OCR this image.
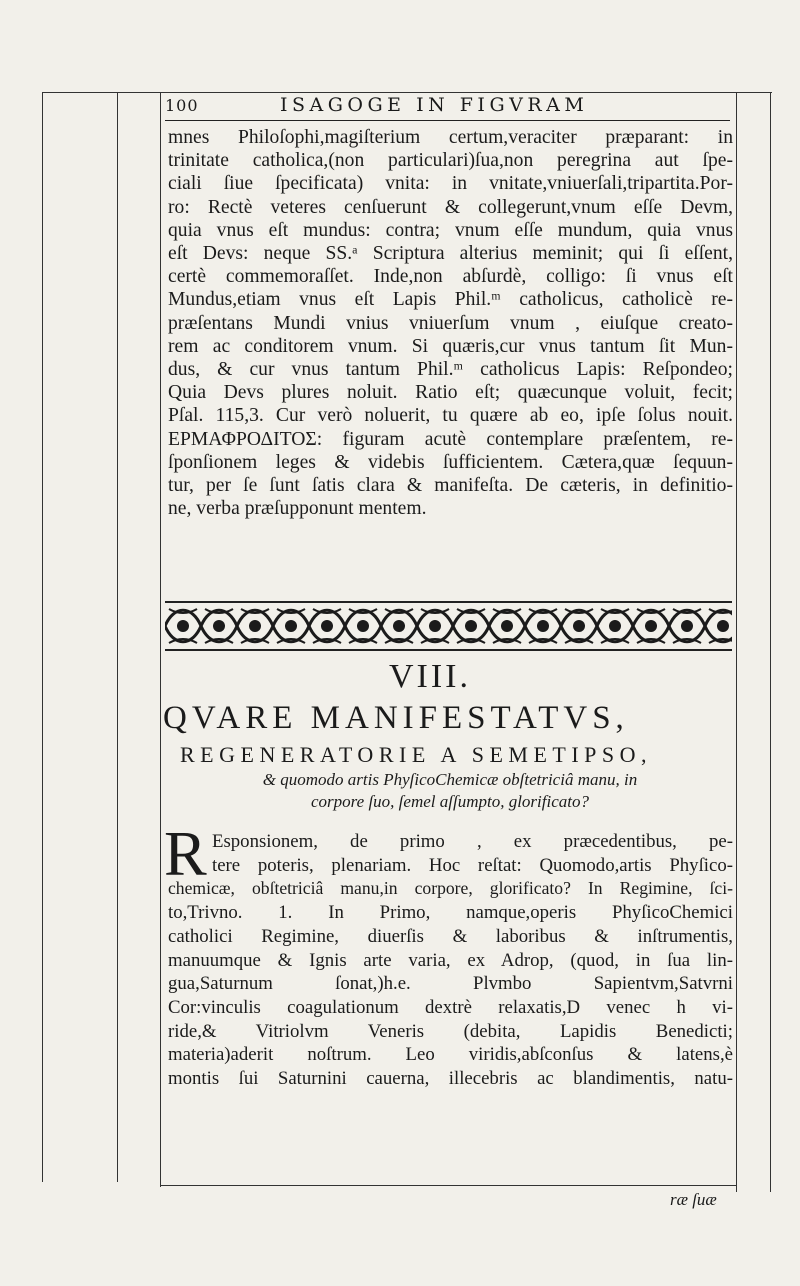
100	ISAGOGE IN FIGVRAM
mnes Philoſophi,magiſterium certum,veraciter præparant: in
trinitate catholica,(non particulari)ſua,non peregrina aut ſpe-
ciali ſiue ſpecificata) vnita: in vnitate,vniuerſali,tripartita.Por-
ro: Rectè veteres cenſuerunt & collegerunt,vnum eſſe Devm,
quia vnus eſt mundus: contra; vnum eſſe mundum, quia vnus
eſt Devs: neque SS.ᵃ Scriptura alterius meminit; qui ſi eſſent,
certè commemoraſſet. Inde,non abſurdè, colligo: ſi vnus eſt
Mundus,etiam vnus eſt Lapis Phil.ᵐ catholicus, catholicè re-
præſentans Mundi vnius vniuerſum vnum , eiuſque creato-
rem ac conditorem vnum. Si quæris,cur vnus tantum ſit Mun-
dus, & cur vnus tantum Phil.ᵐ catholicus Lapis: Reſpondeo;
Quia Devs plures noluit. Ratio eſt; quæcunque voluit, fecit;
Pſal. 115,3. Cur verò noluerit, tu quære ab eo, ipſe ſolus nouit.
ΕΡΜΑΦΡΟΔΙΤΟΣ: figuram acutè contemplare præſentem, re-
ſponſionem leges & videbis ſufficientem. Cætera,quæ ſequun-
tur, per ſe ſunt ſatis clara & manifeſta. De cæteris, in definitio-
ne, verba præſupponunt mentem.
VIII.
QVARE MANIFESTATVS,
REGENERATORIE A SEMETIPSO,
& quomodo artis PhyſicoChemicæ obſtetriciâ manu, in
corpore ſuo, ſemel aſſumpto, glorificato?
R Esponsionem, de primo , ex præcedentibus, pe-
tere poteris, plenariam. Hoc reſtat: Quomodo,artis Phyſico-
chemicæ, obſtetriciâ manu,in corpore, glorificato? In Regimine, ſci-
to,Trivno. 1. In Primo, namque,operis PhyſicoChemici
catholici Regimine, diuerſis & laboribus & inſtrumentis,
manuumque & Ignis arte varia, ex Adrop, (quod, in ſua lin-
gua,Saturnum ſonat,)h.e. Plvmbo Sapientvm,Satvrni
Cor:vinculis coagulationum dextrè relaxatis,D venec h vi-
ride,& Vitriolvm Veneris (debita, Lapidis Benedicti;
materia)aderit noſtrum. Leo viridis,abſconſus & latens,è
montis ſui Saturnini cauerna, illecebris ac blandimentis, natu-
ræ ſuæ
